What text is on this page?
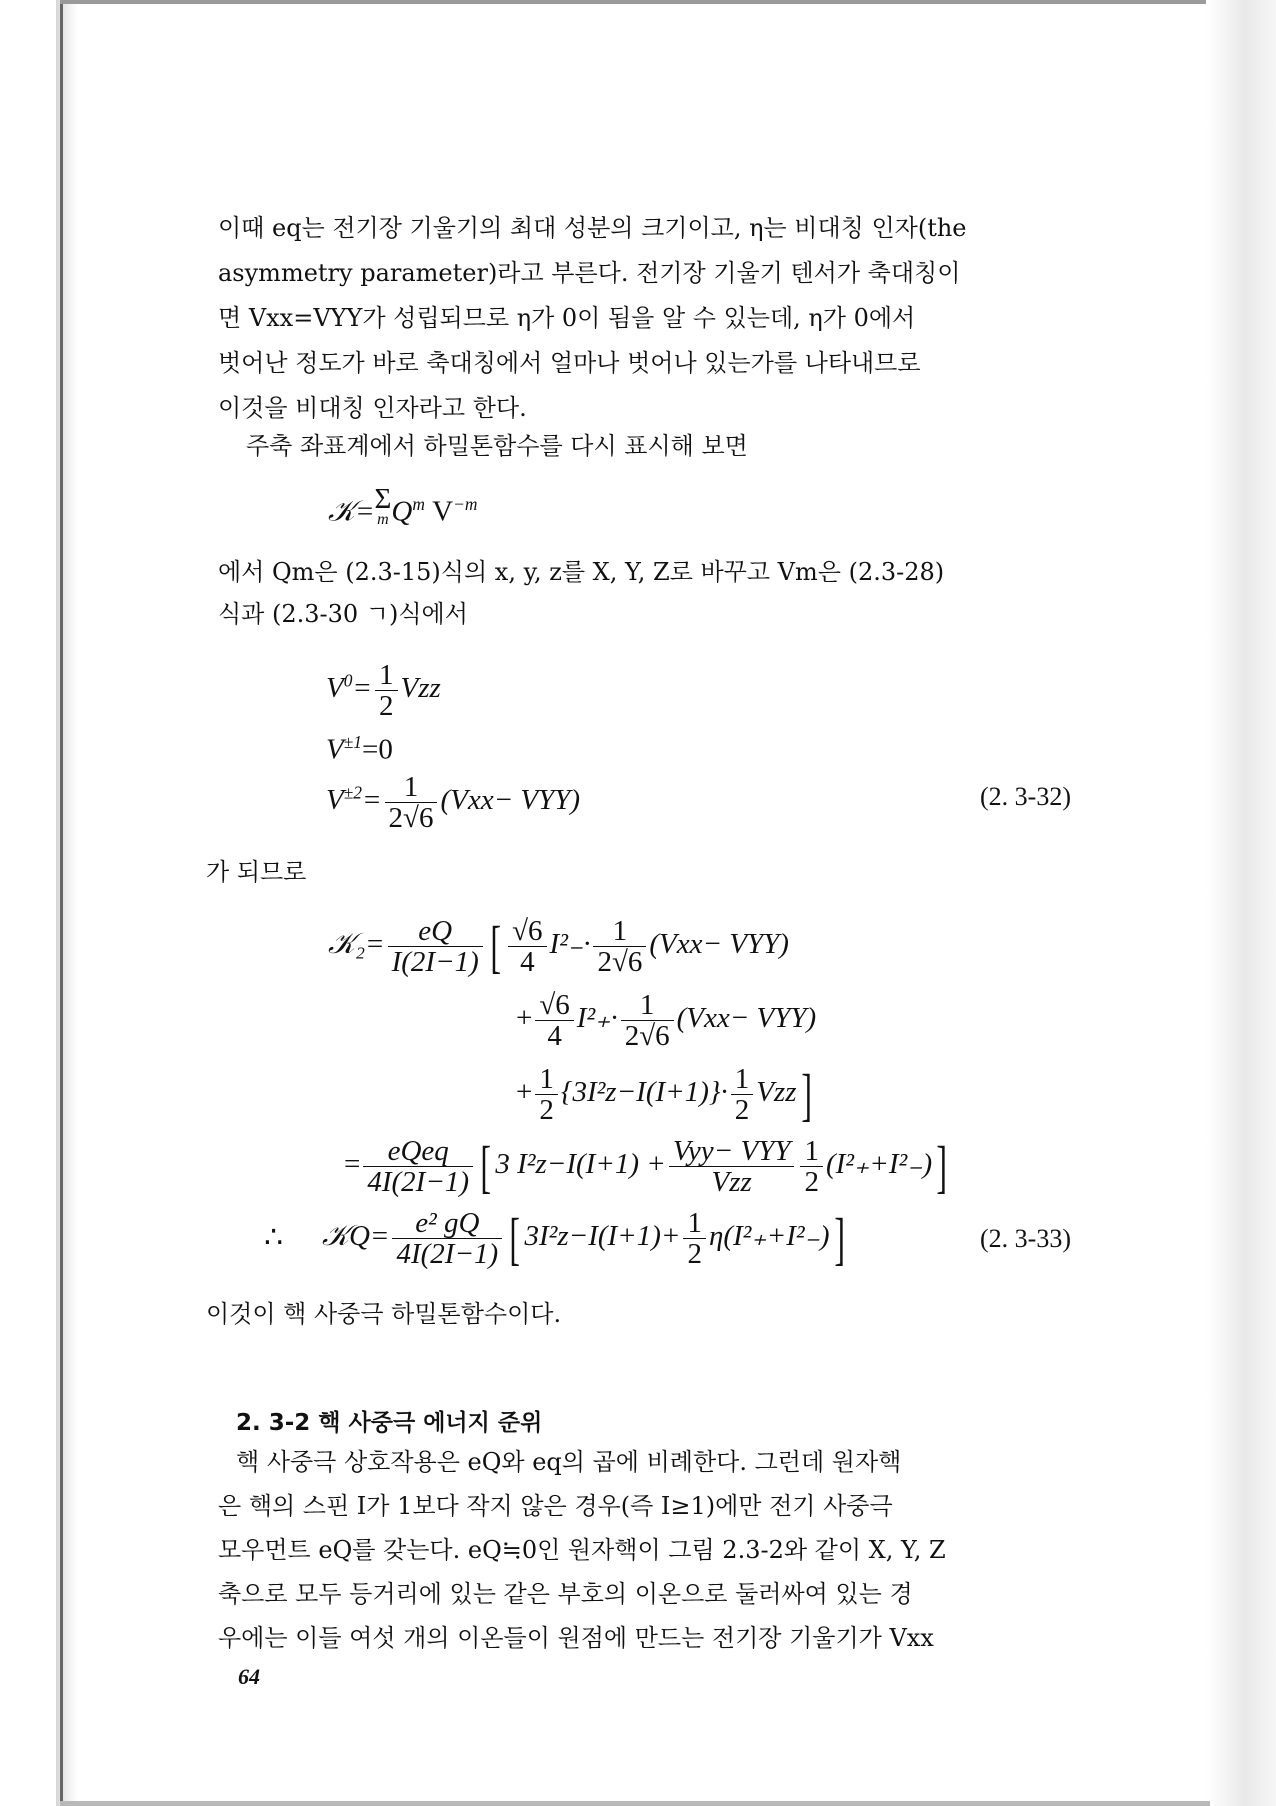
이때 eq는 전기장 기울기의 최대 성분의 크기이고, η는 비대칭 인자(the
asymmetry parameter)라고 부른다. 전기장 기울기 텐서가 축대칭이
면 Vxx=VYY가 성립되므로 η가 0이 됨을 알 수 있는데, η가 0에서
벗어난 정도가 바로 축대칭에서 얼마나 벗어나 있는가를 나타내므로
이것을 비대칭 인자라고 한다.
주축 좌표계에서 하밀톤함수를 다시 표시해 보면
𝒦=Σ

m $Q^m$ $V^{-m}$
에서 Qm은 (2.3-15)식의 x, y, z를 X, Y, Z로 바꾸고 Vm은 (2.3-28)
식과 (2.3-30 ㄱ)식에서
$V^0= \frac{1}{2}$ Vzz
$V^{\pm 1}=0$
$V^{\pm 2}= \frac{1}{2√6} (Vxx- VYY)$	(2. 3-32)
가 되므로
𝒦₂= $\frac{eQ}{I(2I-1)}$ [ $\frac{√6}{4} I^2_-\cdot \frac{1}{2√6} (Vxx- VYY)$
+ $\frac{√6}{4} I^2_+\cdot \frac{1}{2√6} (Vxx- VYY)$
+ $\frac{1}{2} \{3I^2z-I(I+1)\}\cdot \frac{1}{2} Vzz$]
= $\frac{\text{eQeq}}{4I(2I-1)}$ [ 3 $I^2z-I(I+1) + \frac{\text{Vyy− VYY}}{\text{Vzz}} \frac{1}{2} (I^2_++I^2_-)$]
∴ 𝒦Q= $\frac{\text{e² gQ}}{4I(2I-1)}$ [ $3I^2z-I(I+1)+ \frac{1}{2} \eta(I^2_++I^2_-)$]	(2. 3-33)
이것이 핵 사중극 하밀톤함수이다.
2. 3-2 핵 사중극 에너지 준위
핵 사중극 상호작용은 eQ와 eq의 곱에 비례한다. 그런데 원자핵
은 핵의 스핀 I가 1보다 작지 않은 경우(즉 I≥1)에만 전기 사중극
모우먼트 eQ를 갖는다. eQ≒0인 원자핵이 그림 2.3-2와 같이 X, Y, Z
축으로 모두 등거리에 있는 같은 부호의 이온으로 둘러싸여 있는 경
우에는 이들 여섯 개의 이온들이 원점에 만드는 전기장 기울기가 Vxx
64
